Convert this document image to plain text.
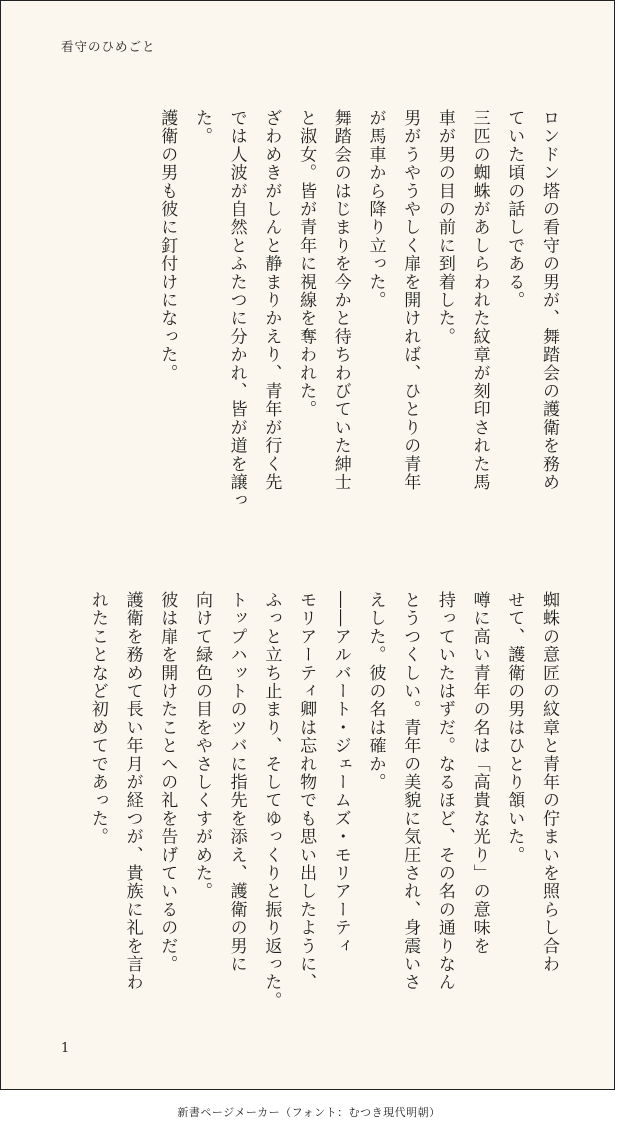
看守のひめごと
ロンドン塔の看守の男が、舞踏会の護衛を務め
ていた頃の話しである。
三匹の蜘蛛があしらわれた紋章が刻印された馬
車が男の目の前に到着した。
男がうやうやしく扉を開ければ、ひとりの青年
が馬車から降り立った。
舞踏会のはじまりを今かと待ちわびていた紳士
と淑女。皆が青年に視線を奪われた。
ざわめきがしんと静まりかえり、青年が行く先
では人波が自然とふたつに分かれ、皆が道を譲っ
た。
護衛の男も彼に釘付けになった。
蜘蛛の意匠の紋章と青年の佇まいを照らし合わ
せて、護衛の男はひとり頷いた。
噂に高い青年の名は「高貴な光り」の意味を
持っていたはずだ。なるほど、その名の通りなん
とうつくしい。青年の美貌に気圧され、身震いさ
えした。彼の名は確か。
――アルバート・ジェームズ・モリアーティ
モリアーティ卿は忘れ物でも思い出したように、
ふっと立ち止まり、そしてゆっくりと振り返った。
トップハットのツバに指先を添え、護衛の男に
向けて緑色の目をやさしくすがめた。
彼は扉を開けたことへの礼を告げているのだ。
護衛を務めて長い年月が経つが、貴族に礼を言わ
れたことなど初めてであった。
1
新書ページメーカー（フォント：むつき現代明朝）
